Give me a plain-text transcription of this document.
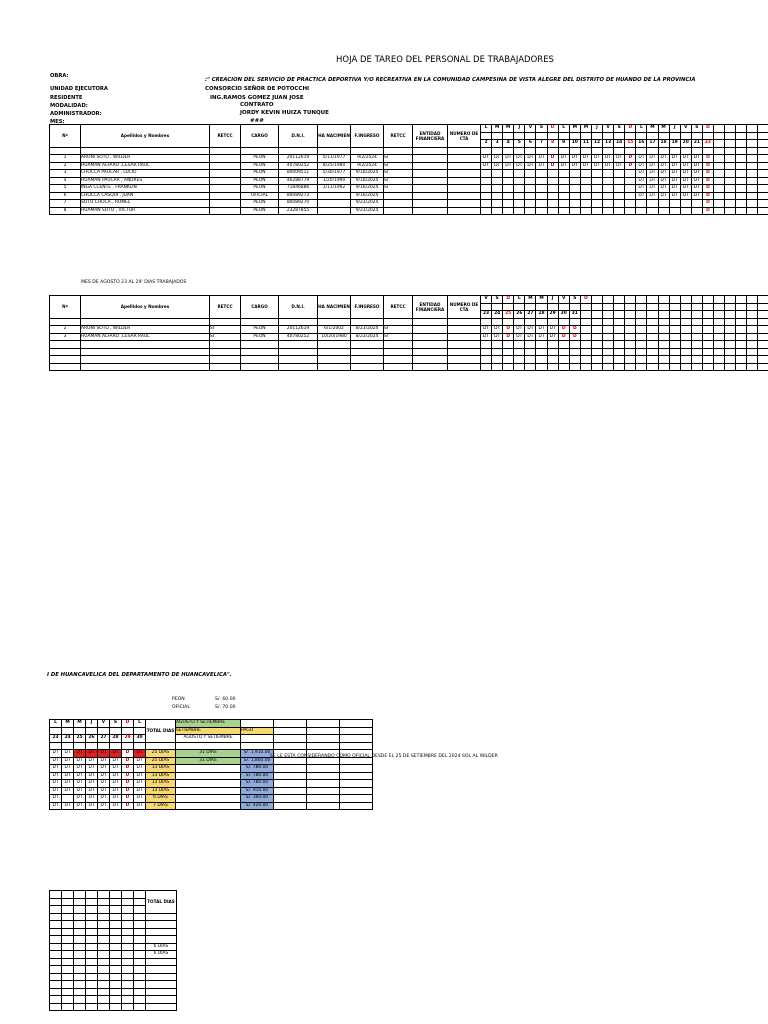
HOJA DE TAREO DEL PERSONAL DE TRABAJADORES
OBRA:
:" CREACION DEL SERVICIO DE PRACTICA DEPORTIVA Y/O RECREATIVA EN LA COMUNIDAD CAMPESINA DE VISTA ALEGRE DEL DISTRITO DE HUANDO DE LA PROVINCIA
UNIDAD EJECUTORA	CONSORCIO SEÑOR DE POTOCCHI
RESIDENTE	ING.RAMOS GOMEZ JUAN JOSE
MODALIDAD:	CONTRATO
ADMINISTRADOR:	JORDY KEVIN HUIZA TUNQUE
MES:	###
Nº	Apellidos y Nombres	RETCC	CARGO	D.N.I.	HA NACIMIEN	F.INGRESO	RETCC	ENTIDAD FINANCIERA	NUMERO DE CTA	L	M	M	J	V	S	D	L	M	M	J	V	S	D	L	M	M	J	V	S	D																			

										2	3	4	5	6	7	8	9	10	11	12	13	14	15	16	17	18	19	20	21	22																			

1	ARONI SOTO , WILDER		PEON	20112619	5/11/1977	9/2/2024	SI			DT	DT	DT	DT	DT	DT	D	DT	DT	DT	DT	DT	DT	D	DT	DT	DT	DT	DT	DT	D																			
2	HUAMAN ALFARO ,CESAR RAUL		PEON	40780252	8/25/1980	9/2/2024	SI			DT	DT	DT	DT	DT	DT	D	DT	DT	DT	DT	DT	DT	D	DT	DT	DT	DT	DT	DT	D																			
3	CHOCCA PAUCAR , LUCIO		PEON	80009511	5/30/1977	9/16/2024	SI																	DT	DT	DT	DT	DT	DT	D																			
4	HUAMAN PAUCAR , ANDRES		PEON	46288779	1/20/1990	9/16/2024	SI																	DT	DT	DT	DT	DT	DT	D																			
5	INGA CCENTE , FRANKLIN		PEON	71846886	1/11/1992	9/16/2024	SI																	DT	DT	DT	DT	DT	DT	D																			
6	CHOCCA CASQUI , JUAN		OFICIAL	80089273		9/16/2024																		DT	DT	DT	DT	DT	DT	D																			
7	SOTO CHOCA , ROMEL		PEON	80089270		9/23/2024																								D																			
8	HUAMAN SOTO , VICTOR		PEON	23287855		9/23/2024																								D																			
MES DE AGOSTO 23 AL 29' DIAS TRABAJADOS
Nº	Apellidos y Nombres	RETCC	CARGO	D.N.I.	HA NACIMIEN	F.INGRESO	RETCC	ENTIDAD FINANCIERA	NUMERO DE CTA	V	S	D	L	M	M	J	V	S	D																														

										23	24	25	26	27	28	29	30	31																															

2	ARONI SOTO , WILDER	SI	PEON	20112619	6/1/2002	8/23/2024	SI			DT	DT	D	DT	DT	DT	DT	D	D																															
3	HUAMAN ALFARO ,CESAR RAUL	SI	PEON	40780252	10/20/1980	8/23/2024	SI			DT	DT	D	DT	DT	DT	DT	D	D																															

I DE HUANCAVELICA DEL DEPARTAMENTO DE HUANCAVELICA".
PEON	S/. 60.00
OFICIAL	S/. 70.00
L	M	M	J	V	S	D	L	TOTAL DIAS	AGOSTO Y SETIEMBRE				
									SETIEMBRE	PAGO			
23	24	25	26	27	28	29	30		AGOSTO Y SETIEMBRE				

DT	DT	DT	DT	DT	DT	D	DT	25 DIAS	31 DIAS	S/. 1,910.00			
DT	DT	DT	DT	DT	DT	D	DT	25 DIAS	31 DIAS	S/. 1,860.00			
DT	DT	DT	DT	DT	DT	D	DT	13 DIAS		S/. 780.00			
DT	DT	DT	DT	DT	DT	D	DT	13 DIAS		S/. 780.00			
DT	DT	DT	DT	DT	DT	D	DT	13 DIAS		S/. 780.00			
DT	DT	DT	DT	DT	DT	D	DT	13 DIAS		S/. 910.00			
DT		DT	DT	DT	DT	D	DT	6 DIAS		S/. 360.00			
DT	DT	DT	DT	DT	DT	D	DT	7 DIAS		S/. 420.00			
SE LE ESTA CONSIDERANDO COMO OFICIAL DESDE EL 25 DE SETIEMBRE DEL 2024 SOL AL WILDER
								TOTAL DIAS

								6 DIAS
								6 DIAS
